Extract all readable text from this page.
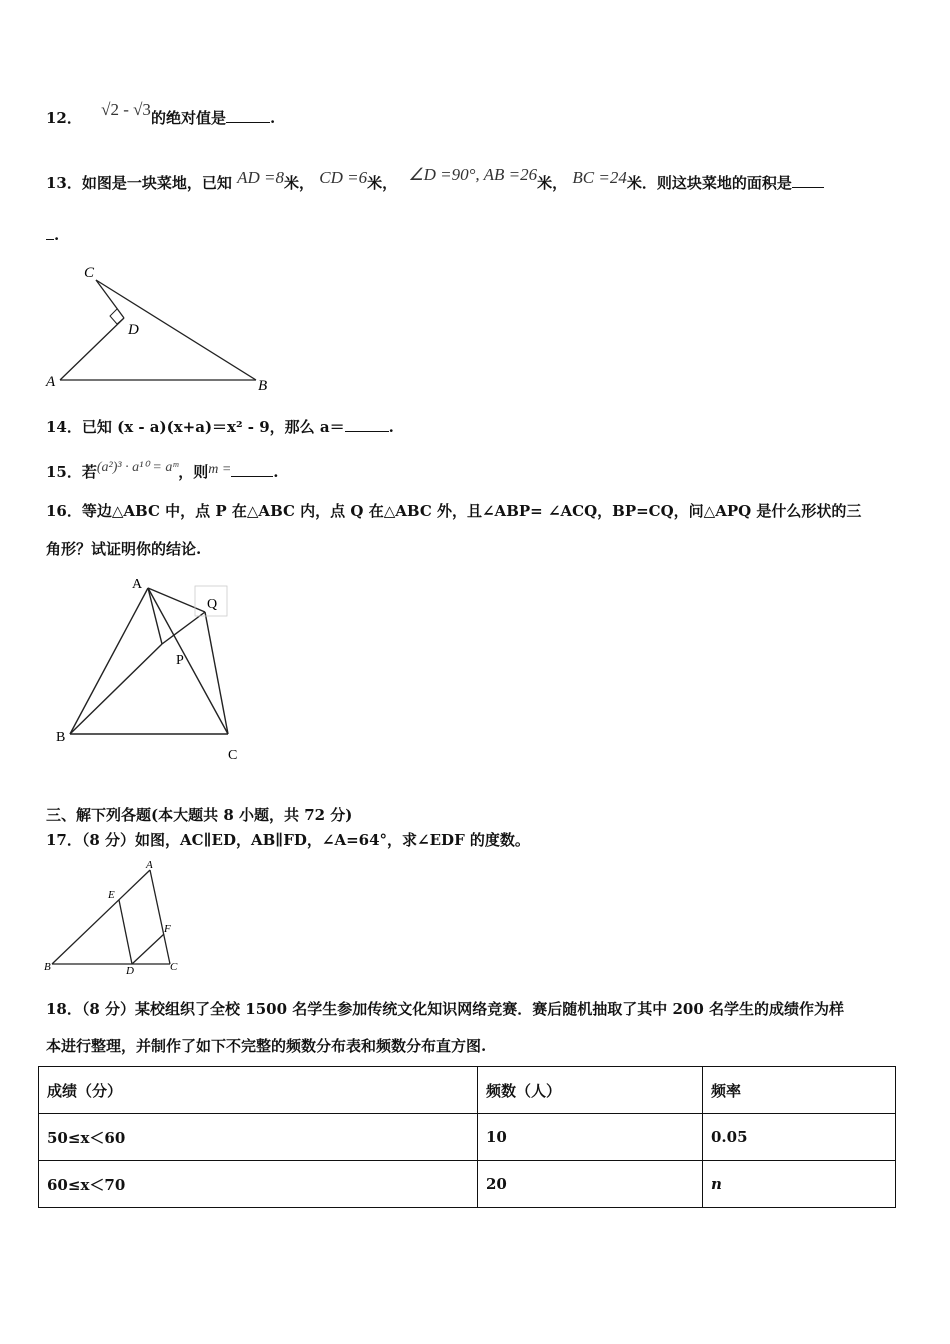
12． √2 - √3的绝对值是	.
13．如图是一块菜地，已知 AD =8米， CD =6米， ∠D =90°, AB =26米， BC =24米．则这块菜地的面积是
.
C
D
A	B
14．已知 (x - a)(x+a)＝x² - 9，那么 a＝	.
15．若(a²)³ · a¹⁰ = aᵐ，则m =	.
16．等边△ABC 中，点 P 在△ABC 内，点 Q 在△ABC 外，且∠ABP= ∠ACQ，BP=CQ，问△APQ 是什么形状的三
角形？试证明你的结论.
A
Q
P
B
C
三、解下列各题(本大题共 8 小题，共 72 分)
17．（8 分）如图，AC∥ED，AB∥FD，∠A=64°，求∠EDF 的度数。
A
E
F
B	D	C
18．（8 分）某校组织了全校 1500 名学生参加传统文化知识网络竞赛．赛后随机抽取了其中 200 名学生的成绩作为样
本进行整理，并制作了如下不完整的频数分布表和频数分布直方图.
成绩（分）	频数（人）	频率
50≤x＜60	10	0.05
60≤x＜70	20	n
